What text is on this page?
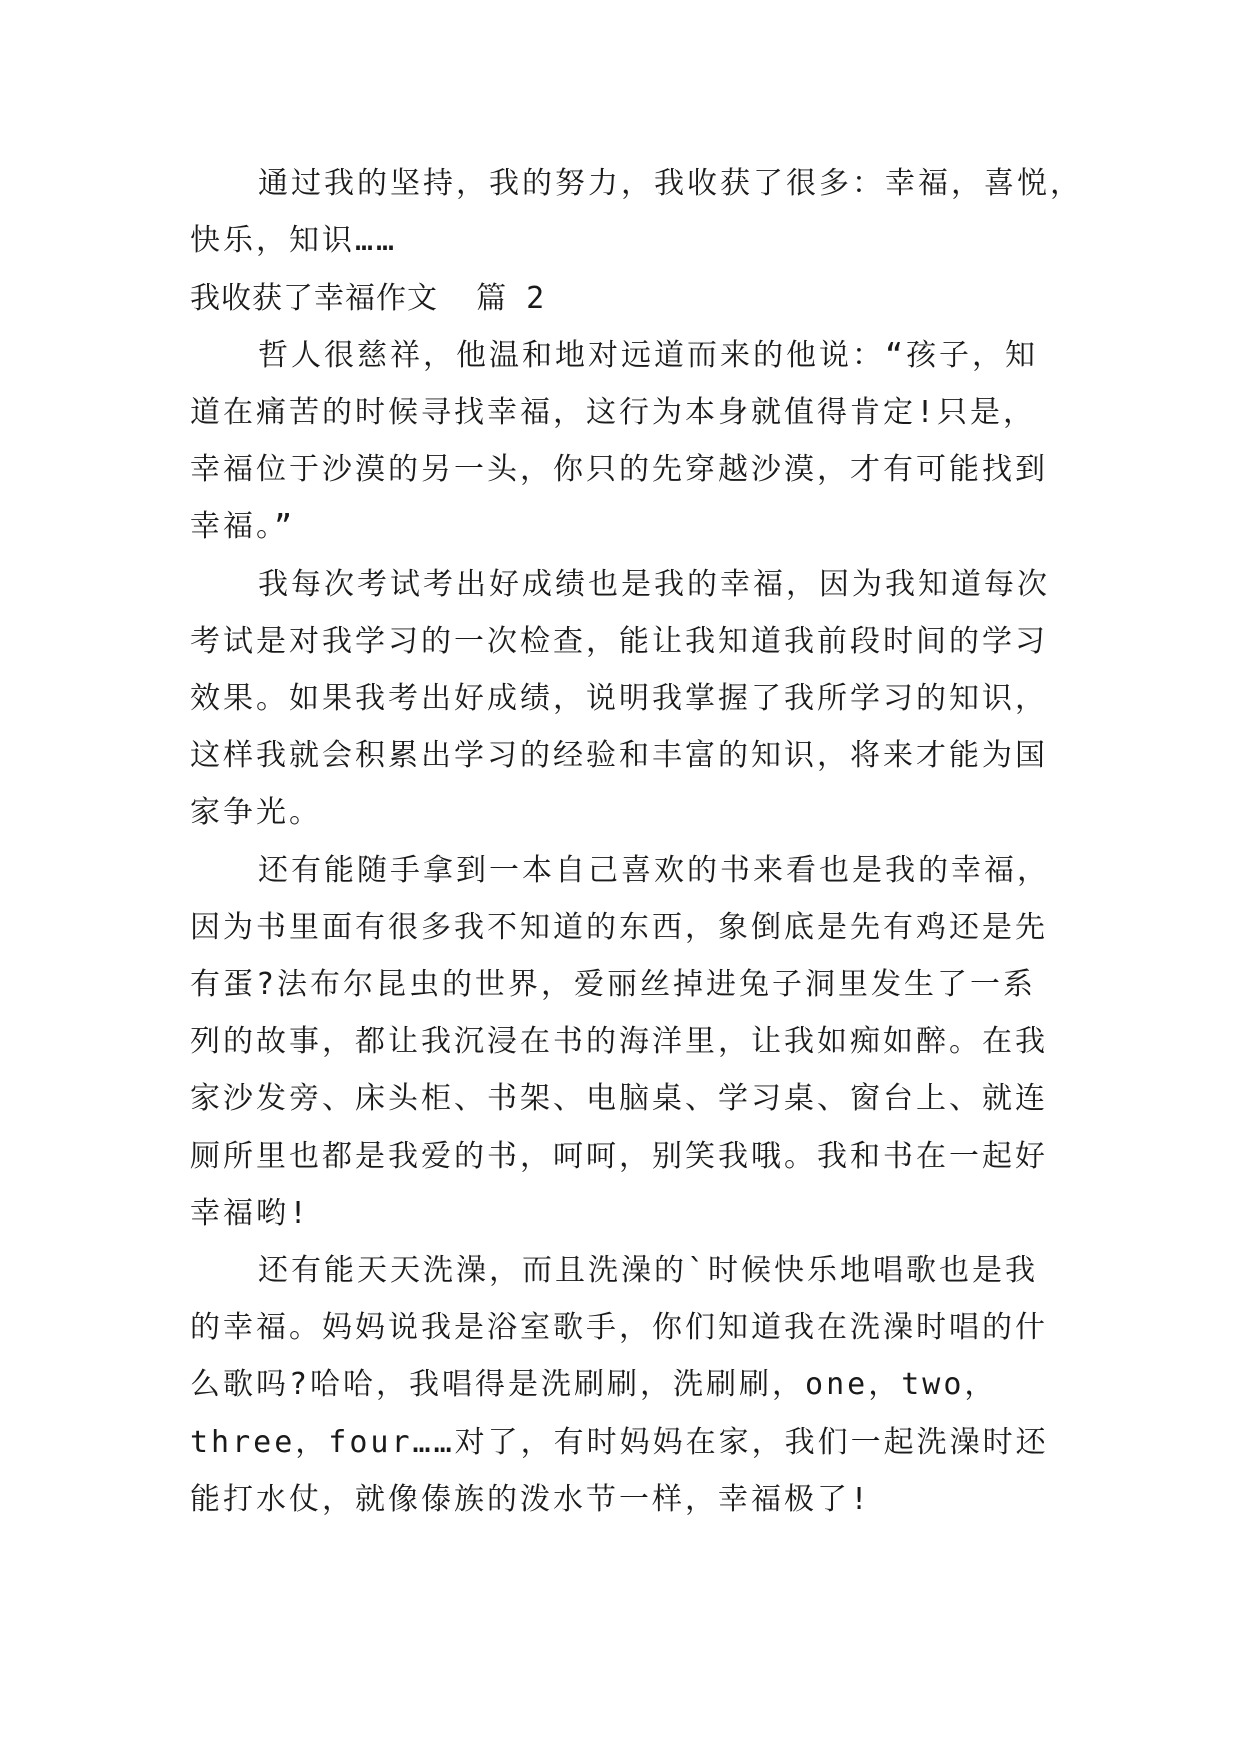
通过我的坚持，我的努力，我收获了很多：幸福，喜悦，
快乐，知识……
我收获了幸福作文  篇 2
哲人很慈祥，他温和地对远道而来的他说：“孩子，知
道在痛苦的时候寻找幸福，这行为本身就值得肯定!只是，
幸福位于沙漠的另一头，你只的先穿越沙漠，才有可能找到
幸福。”
我每次考试考出好成绩也是我的幸福，因为我知道每次
考试是对我学习的一次检查，能让我知道我前段时间的学习
效果。如果我考出好成绩，说明我掌握了我所学习的知识，
这样我就会积累出学习的经验和丰富的知识，将来才能为国
家争光。
还有能随手拿到一本自己喜欢的书来看也是我的幸福，
因为书里面有很多我不知道的东西，象倒底是先有鸡还是先
有蛋?法布尔昆虫的世界，爱丽丝掉进兔子洞里发生了一系
列的故事，都让我沉浸在书的海洋里，让我如痴如醉。在我
家沙发旁、床头柜、书架、电脑桌、学习桌、窗台上、就连
厕所里也都是我爱的书，呵呵，别笑我哦。我和书在一起好
幸福哟!
还有能天天洗澡，而且洗澡的`时候快乐地唱歌也是我
的幸福。妈妈说我是浴室歌手，你们知道我在洗澡时唱的什
么歌吗?哈哈，我唱得是洗刷刷，洗刷刷，one，two，
three，four……对了，有时妈妈在家，我们一起洗澡时还
能打水仗，就像傣族的泼水节一样，幸福极了!
